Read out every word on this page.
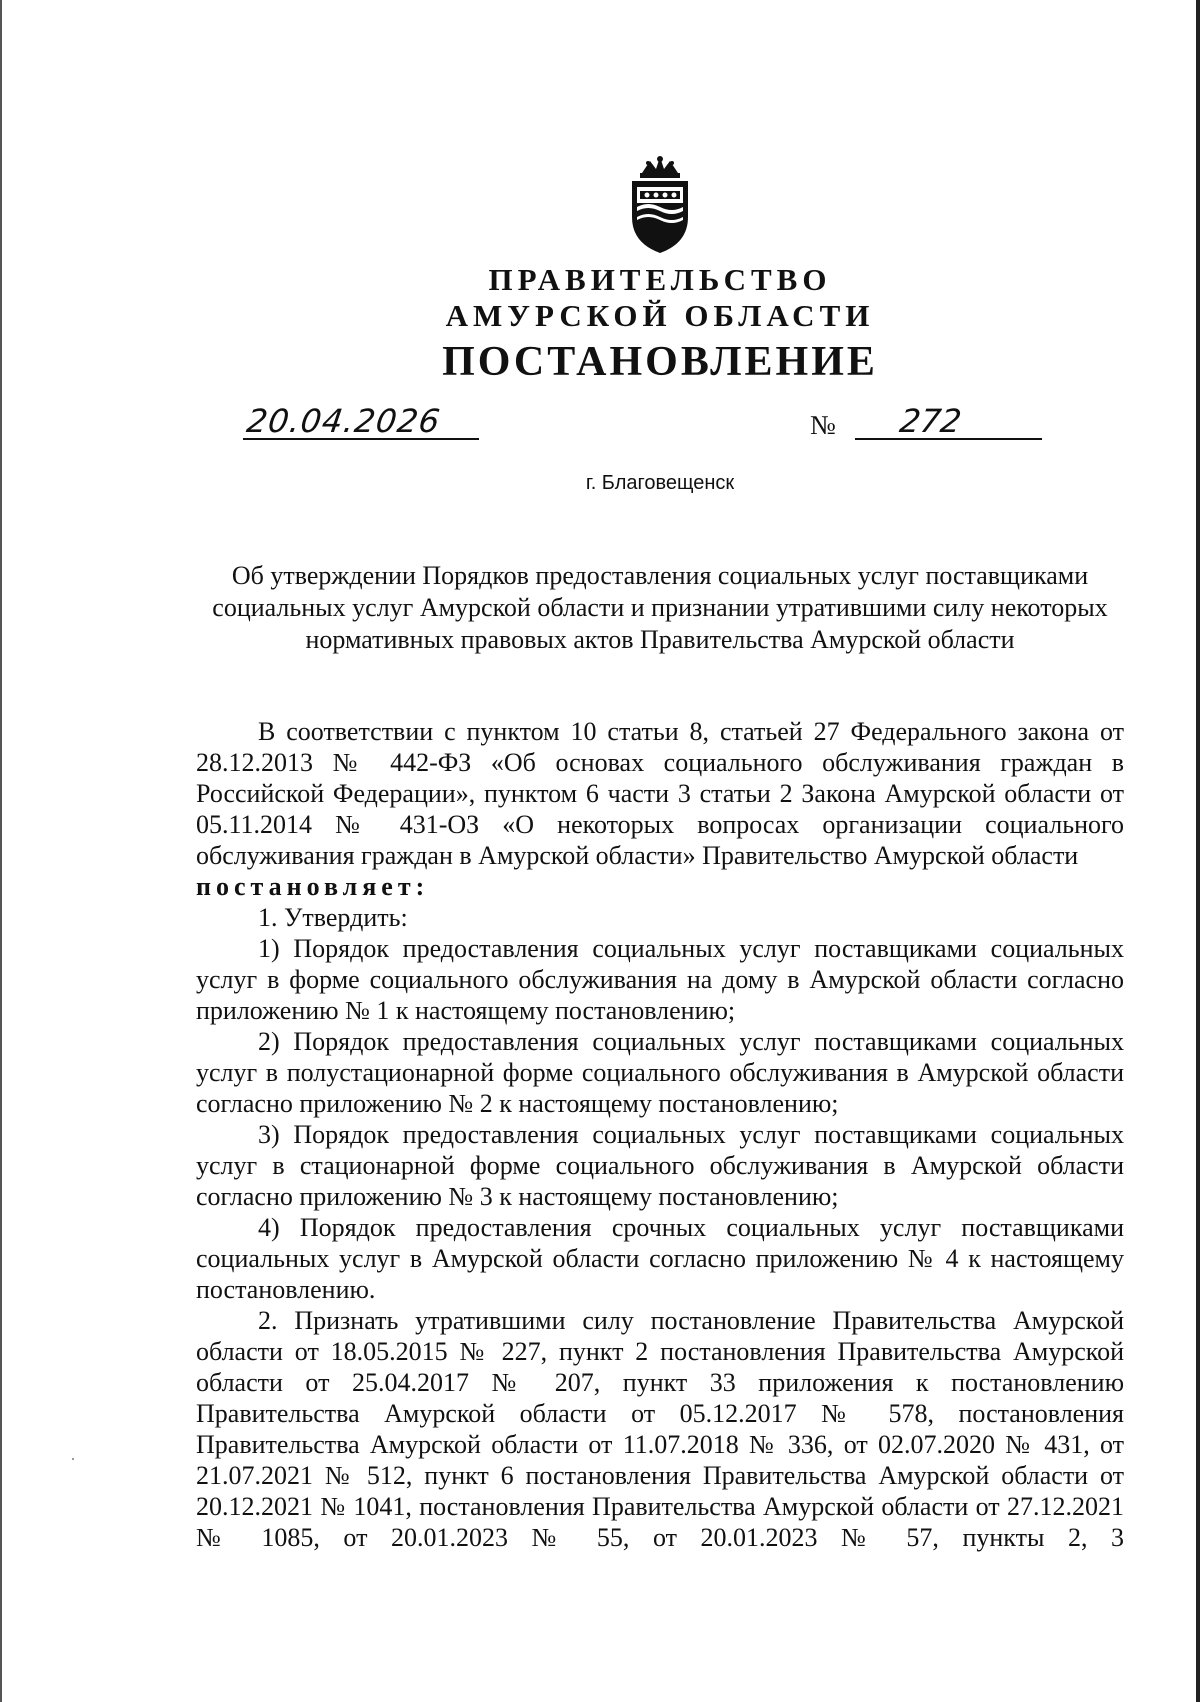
ПРАВИТЕЛЬСТВО
АМУРСКОЙ ОБЛАСТИ
ПОСТАНОВЛЕНИЕ
20.04.2026	№ 272
г. Благовещенск
Об утверждении Порядков предоставления социальных услуг поставщиками социальных услуг Амурской области и признании утратившими силу некоторых нормативных правовых актов Правительства Амурской области

В соответствии с пунктом 10 статьи 8, статьей 27 Федерального закона от 28.12.2013 № 442-ФЗ «Об основах социального обслуживания граждан в Российской Федерации», пунктом 6 части 3 статьи 2 Закона Амурской области от 05.11.2014 № 431-ОЗ «О некоторых вопросах организации социального обслуживания граждан в Амурской области» Правительство Амурской области

постановляет:

1. Утвердить:

1) Порядок предоставления социальных услуг поставщиками социальных услуг в форме социального обслуживания на дому в Амурской области согласно приложению № 1 к настоящему постановлению;

2) Порядок предоставления социальных услуг поставщиками социальных услуг в полустационарной форме социального обслуживания в Амурской области согласно приложению № 2 к настоящему постановлению;

3) Порядок предоставления социальных услуг поставщиками социальных услуг в стационарной форме социального обслуживания в Амурской области согласно приложению № 3 к настоящему постановлению;

4) Порядок предоставления срочных социальных услуг поставщиками социальных услуг в Амурской области согласно приложению № 4 к настоящему постановлению.

2. Признать утратившими силу постановление Правительства Амурской области от 18.05.2015 № 227, пункт 2 постановления Правительства Амурской области от 25.04.2017 № 207, пункт 33 приложения к постановлению Правительства Амурской области от 05.12.2017 № 578, постановления Правительства Амурской области от 11.07.2018 № 336, от 02.07.2020 № 431, от 21.07.2021 № 512, пункт 6 постановления Правительства Амурской области от 20.12.2021 № 1041, постановления Правительства Амурской области от 27.12.2021 № 1085, от 20.01.2023 № 55, от 20.01.2023 № 57, пункты 2, 3
